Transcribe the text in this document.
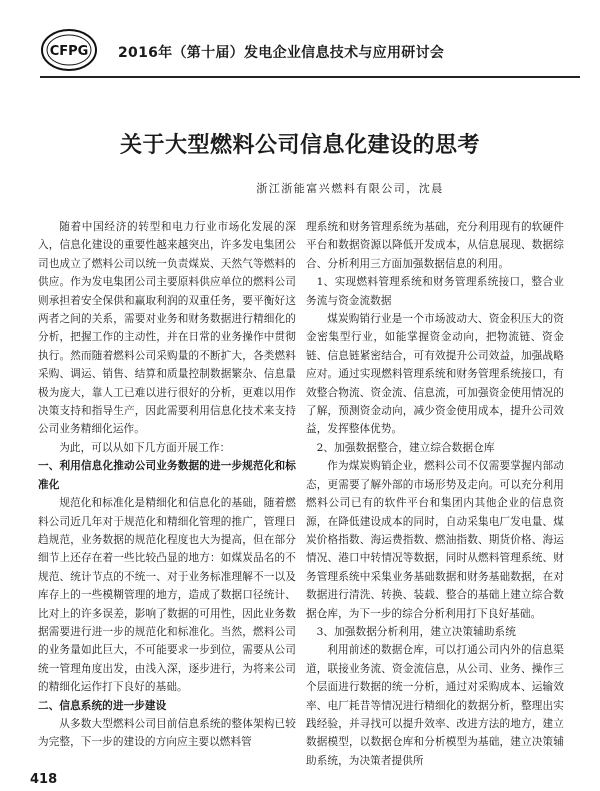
CFPG 2016年（第十届）发电企业信息技术与应用研讨会
关于大型燃料公司信息化建设的思考
浙江浙能富兴燃料有限公司，沈晨

随着中国经济的转型和电力行业市场化发展的深入，信息化建设的重要性越来越突出，许多发电集团公司也成立了燃料公司以统一负责煤炭、天然气等燃料的供应。作为发电集团公司主要原料供应单位的燃料公司则承担着安全保供和赢取利润的双重任务，要平衡好这两者之间的关系，需要对业务和财务数据进行精细化的分析，把握工作的主动性，并在日常的业务操作中贯彻执行。然而随着燃料公司采购量的不断扩大，各类燃料采购、调运、销售、结算和质量控制数据繁杂、信息量极为庞大，靠人工已难以进行很好的分析，更难以用作决策支持和指导生产，因此需要利用信息化技术来支持公司业务精细化运作。

为此，可以从如下几方面开展工作：

一、利用信息化推动公司业务数据的进一步规范化和标准化

规范化和标准化是精细化和信息化的基础，随着燃料公司近几年对于规范化和精细化管理的推广，管理日趋规范，业务数据的规范化程度也大为提高，但在部分细节上还存在着一些比较凸显的地方：如煤炭品名的不规范、统计节点的不统一、对于业务标准理解不一以及库存上的一些模糊管理的地方，造成了数据口径统计、比对上的许多误差，影响了数据的可用性，因此业务数据需要进行进一步的规范化和标准化。当然，燃料公司的业务量如此巨大，不可能要求一步到位，需要从公司统一管理角度出发，由浅入深，逐步进行，为将来公司的精细化运作打下良好的基础。

二、信息系统的进一步建设

从多数大型燃料公司目前信息系统的整体架构已较为完整，下一步的建设的方向应主要以燃料管

理系统和财务管理系统为基础，充分利用现有的软硬件平台和数据资源以降低开发成本，从信息展现、数据综合、分析利用三方面加强数据信息的利用。

1、实现燃料管理系统和财务管理系统接口，整合业务流与资金流数据

煤炭购销行业是一个市场波动大、资金积压大的资金密集型行业，如能掌握资金动向，把物流链、资金链、信息链紧密结合，可有效提升公司效益，加强战略应对。通过实现燃料管理系统和财务管理系统接口，有效整合物流、资金流、信息流，可加强资金使用情况的了解，预测资金动向，减少资金使用成本，提升公司效益，发挥整体优势。

2、加强数据整合，建立综合数据仓库

作为煤炭购销企业，燃料公司不仅需要掌握内部动态，更需要了解外部的市场形势及走向。可以充分利用燃料公司已有的软件平台和集团内其他企业的信息资源，在降低建设成本的同时，自动采集电厂发电量、煤炭价格指数、海运费指数、燃油指数、期货价格、海运情况、港口中转情况等数据，同时从燃料管理系统、财务管理系统中采集业务基础数据和财务基础数据，在对数据进行清洗、转换、装载、整合的基础上建立综合数据仓库，为下一步的综合分析利用打下良好基础。

3、加强数据分析利用，建立决策辅助系统

利用前述的数据仓库，可以打通公司内外的信息渠道，联接业务流、资金流信息，从公司、业务、操作三个层面进行数据的统一分析，通过对采购成本、运输效率、电厂耗昔等情况进行精细化的数据分析，整理出实践经验，并寻找可以提升效率、改进方法的地方，建立数据模型，以数据仓库和分析模型为基础，建立决策辅助系统，为决策者提供所

418
